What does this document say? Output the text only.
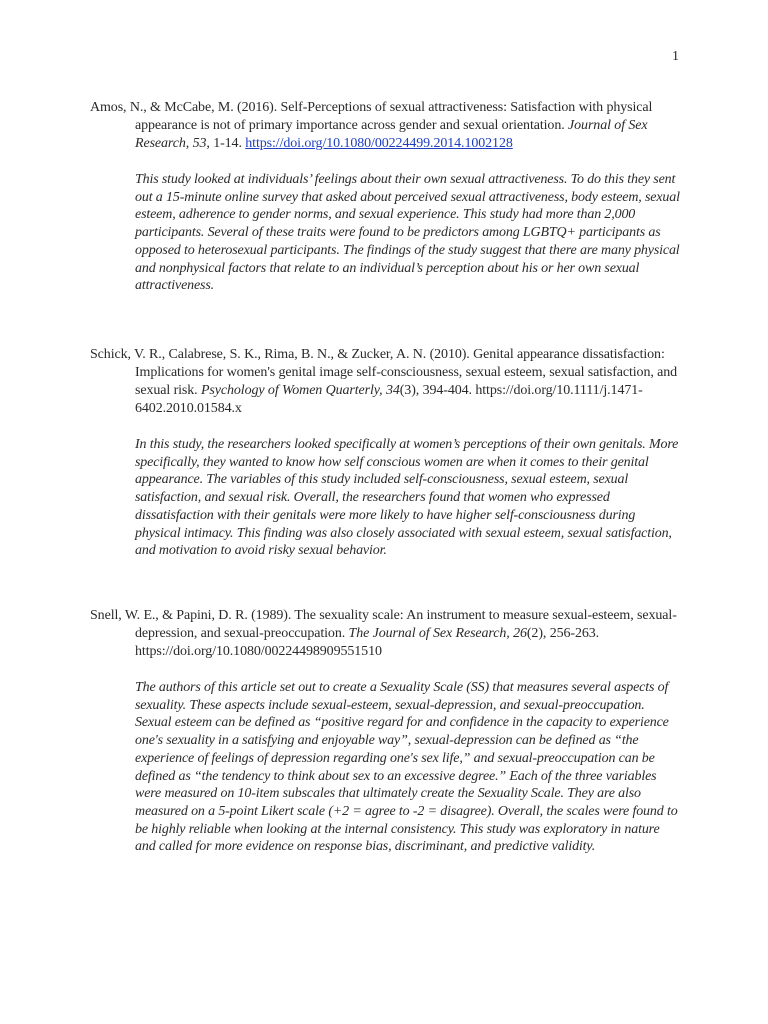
1

Amos, N., & McCabe, M. (2016). Self-Perceptions of sexual attractiveness: Satisfaction with physical appearance is not of primary importance across gender and sexual orientation. Journal of Sex Research, 53, 1-14. https://doi.org/10.1080/00224499.2014.1002128

This study looked at individuals’ feelings about their own sexual attractiveness. To do this they sent out a 15-minute online survey that asked about perceived sexual attractiveness, body esteem, sexual esteem, adherence to gender norms, and sexual experience. This study had more than 2,000 participants. Several of these traits were found to be predictors among LGBTQ+ participants as opposed to heterosexual participants. The findings of the study suggest that there are many physical and nonphysical factors that relate to an individual’s perception about his or her own sexual attractiveness.

Schick, V. R., Calabrese, S. K., Rima, B. N., & Zucker, A. N. (2010). Genital appearance dissatisfaction: Implications for women's genital image self-consciousness, sexual esteem, sexual satisfaction, and sexual risk. Psychology of Women Quarterly, 34(3), 394-404. https://doi.org/10.1111/j.1471-6402.2010.01584.x

In this study, the researchers looked specifically at women’s perceptions of their own genitals. More specifically, they wanted to know how self conscious women are when it comes to their genital appearance. The variables of this study included self-consciousness, sexual esteem, sexual satisfaction, and sexual risk. Overall, the researchers found that women who expressed dissatisfaction with their genitals were more likely to have higher self-consciousness during physical intimacy. This finding was also closely associated with sexual esteem, sexual satisfaction, and motivation to avoid risky sexual behavior.

Snell, W. E., & Papini, D. R. (1989). The sexuality scale: An instrument to measure sexual-esteem, sexual-depression, and sexual-preoccupation. The Journal of Sex Research, 26(2), 256-263. https://doi.org/10.1080/00224498909551510

The authors of this article set out to create a Sexuality Scale (SS) that measures several aspects of sexuality. These aspects include sexual-esteem, sexual-depression, and sexual-preoccupation. Sexual esteem can be defined as “positive regard for and confidence in the capacity to experience one's sexuality in a satisfying and enjoyable way”, sexual-depression can be defined as “the experience of feelings of depression regarding one's sex life,” and sexual-preoccupation can be defined as “the tendency to think about sex to an excessive degree.” Each of the three variables were measured on 10-item subscales that ultimately create the Sexuality Scale. They are also measured on a 5-point Likert scale (+2 = agree to -2 = disagree). Overall, the scales were found to be highly reliable when looking at the internal consistency. This study was exploratory in nature and called for more evidence on response bias, discriminant, and predictive validity.
